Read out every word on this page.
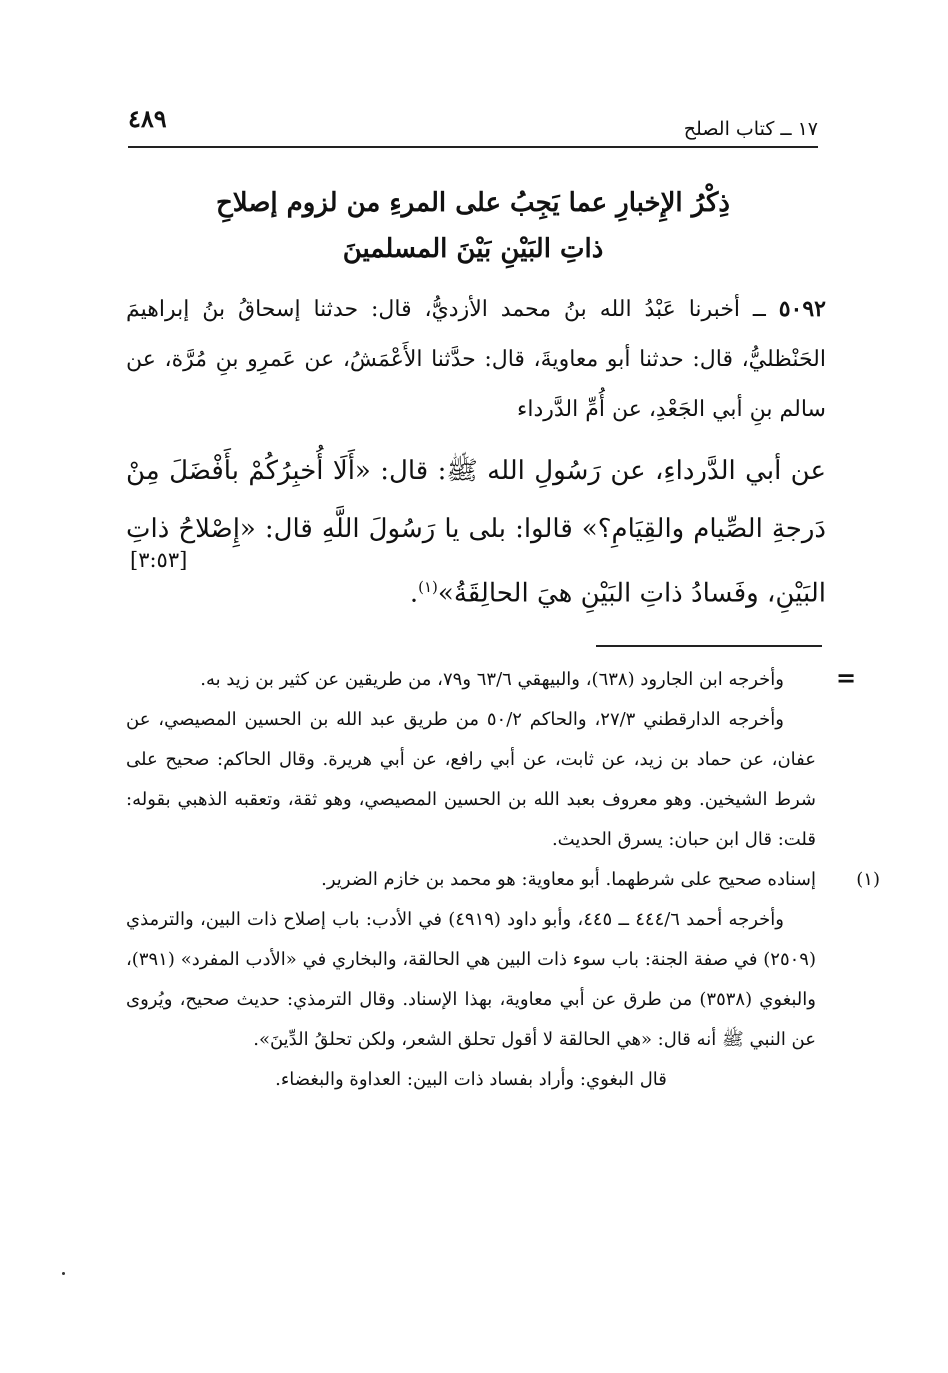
١٧ ــ كتاب الصلح
٤٨٩
ذِكْرُ الإِخبارِ عما يَجِبُ على المرءِ من لزوم إصلاحِ
ذاتِ البَيْنِ بَيْنَ المسلمينَ
٥٠٩٢ ــ أخبرنا عَبْدُ الله بنُ محمد الأزديُّ، قال: حدثنا إسحاقُ بنُ إبراهيمَ الحَنْظليُّ، قال: حدثنا أبو معاويةَ، قال: حدَّثنا الأَعْمَشُ، عن عَمرِو بنِ مُرَّة، عن سالم بنِ أبي الجَعْدِ، عن أُمِّ الدَّرداء
عن أبي الدَّرداءِ، عن رَسُولِ الله ﷺ: قال: «أَلَا أُخبِرُكُمْ بأَفْضَلَ مِنْ دَرجةِ الصِّيام والقِيَامِ؟» قالوا: بلى يا رَسُولَ اللَّهِ قال: «إِصْلاحُ ذاتِ البَيْنِ، وفَسادُ ذاتِ البَيْنِ هيَ الحالِقَةُ»$^{(١)}$.
[٣:٥٣]
=

وأخرجه ابن الجارود (٦٣٨)، والبيهقي ٦٣/٦ و٧٩، من طريقين عن كثير بن زيد به.

وأخرجه الدارقطني ٢٧/٣، والحاكم ٥٠/٢ من طريق عبد الله بن الحسين المصيصي، عن عفان، عن حماد بن زيد، عن ثابت، عن أبي رافع، عن أبي هريرة. وقال الحاكم: صحيح على شرط الشيخين. وهو معروف بعبد الله بن الحسين المصيصي، وهو ثقة، وتعقبه الذهبي بقوله: قلت: قال ابن حبان: يسرق الحديث.

(١)

إسناده صحيح على شرطهما. أبو معاوية: هو محمد بن خازم الضرير.

وأخرجه أحمد ٤٤٤/٦ ــ ٤٤٥، وأبو داود (٤٩١٩) في الأدب: باب إصلاح ذات البين، والترمذي (٢٥٠٩) في صفة الجنة: باب سوء ذات البين هي الحالقة، والبخاري في «الأدب المفرد» (٣٩١)، والبغوي (٣٥٣٨) من طرق عن أبي معاوية، بهذا الإسناد. وقال الترمذي: حديث صحيح، ويُروى عن النبي ﷺ أنه قال: «هي الحالقة لا أقول تحلق الشعر، ولكن تحلقُ الدِّينَ».

قال البغوي: وأراد بفساد ذات البين: العداوة والبغضاء.
